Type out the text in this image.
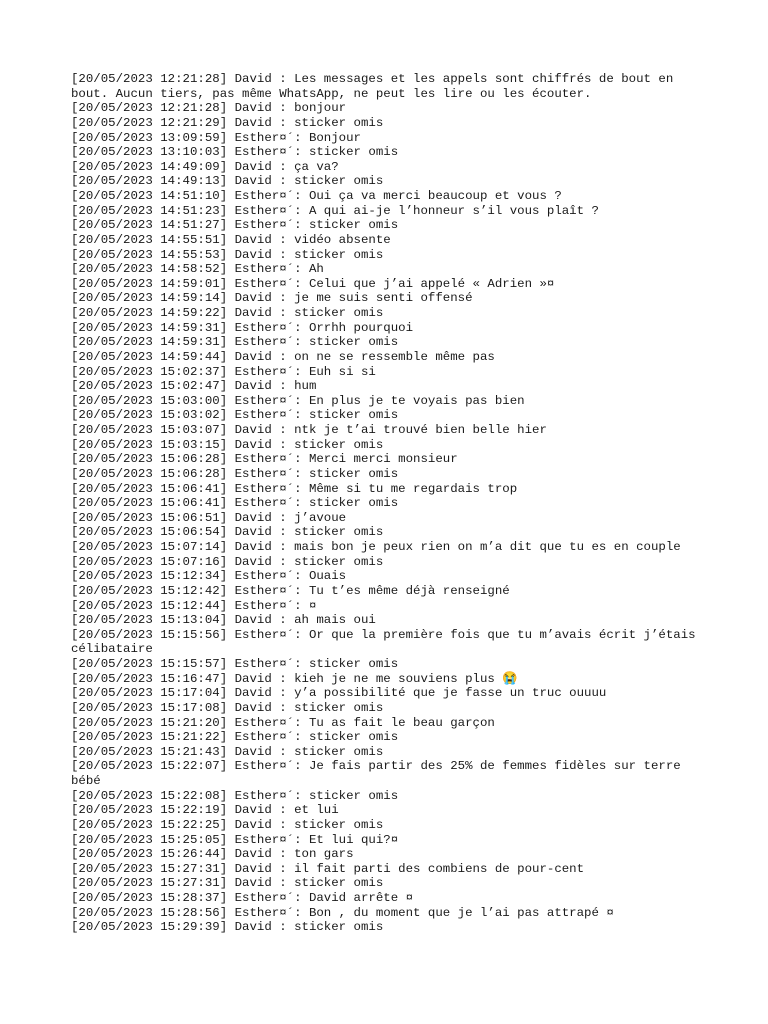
[20/05/2023 12:21:28] David : Les messages et les appels sont chiffrés de bout en bout. Aucun tiers, pas même WhatsApp, ne peut les lire ou les écouter.
[20/05/2023 12:21:28] David : bonjour
[20/05/2023 12:21:29] David : sticker omis
[20/05/2023 13:09:59] Esther¤´: Bonjour
[20/05/2023 13:10:03] Esther¤´: sticker omis
[20/05/2023 14:49:09] David : ça va?
[20/05/2023 14:49:13] David : sticker omis
[20/05/2023 14:51:10] Esther¤´: Oui ça va merci beaucoup et vous ?
[20/05/2023 14:51:23] Esther¤´: A qui ai-je l’honneur s’il vous plaît ?
[20/05/2023 14:51:27] Esther¤´: sticker omis
[20/05/2023 14:55:51] David : vidéo absente
[20/05/2023 14:55:53] David : sticker omis
[20/05/2023 14:58:52] Esther¤´: Ah
[20/05/2023 14:59:01] Esther¤´: Celui que j’ai appelé « Adrien »¤
[20/05/2023 14:59:14] David : je me suis senti offensé
[20/05/2023 14:59:22] David : sticker omis
[20/05/2023 14:59:31] Esther¤´: Orrhh pourquoi
[20/05/2023 14:59:31] Esther¤´: sticker omis
[20/05/2023 14:59:44] David : on ne se ressemble même pas
[20/05/2023 15:02:37] Esther¤´: Euh si si
[20/05/2023 15:02:47] David : hum
[20/05/2023 15:03:00] Esther¤´: En plus je te voyais pas bien
[20/05/2023 15:03:02] Esther¤´: sticker omis
[20/05/2023 15:03:07] David : ntk je t’ai trouvé bien belle hier
[20/05/2023 15:03:15] David : sticker omis
[20/05/2023 15:06:28] Esther¤´: Merci merci monsieur
[20/05/2023 15:06:28] Esther¤´: sticker omis
[20/05/2023 15:06:41] Esther¤´: Même si tu me regardais trop
[20/05/2023 15:06:41] Esther¤´: sticker omis
[20/05/2023 15:06:51] David : j’avoue
[20/05/2023 15:06:54] David : sticker omis
[20/05/2023 15:07:14] David : mais bon je peux rien on m’a dit que tu es en couple
[20/05/2023 15:07:16] David : sticker omis
[20/05/2023 15:12:34] Esther¤´: Ouais
[20/05/2023 15:12:42] Esther¤´: Tu t’es même déjà renseigné
[20/05/2023 15:12:44] Esther¤´: ¤
[20/05/2023 15:13:04] David : ah mais oui
[20/05/2023 15:15:56] Esther¤´: Or que la première fois que tu m’avais écrit j’étais célibataire
[20/05/2023 15:15:57] Esther¤´: sticker omis
[20/05/2023 15:16:47] David : kieh je ne me souviens plus 😭
[20/05/2023 15:17:04] David : y’a possibilité que je fasse un truc ouuuu
[20/05/2023 15:17:08] David : sticker omis
[20/05/2023 15:21:20] Esther¤´: Tu as fait le beau garçon
[20/05/2023 15:21:22] Esther¤´: sticker omis
[20/05/2023 15:21:43] David : sticker omis
[20/05/2023 15:22:07] Esther¤´: Je fais partir des 25% de femmes fidèles sur terre bébé
[20/05/2023 15:22:08] Esther¤´: sticker omis
[20/05/2023 15:22:19] David : et lui
[20/05/2023 15:22:25] David : sticker omis
[20/05/2023 15:25:05] Esther¤´: Et lui qui?¤
[20/05/2023 15:26:44] David : ton gars
[20/05/2023 15:27:31] David : il fait parti des combiens de pour-cent
[20/05/2023 15:27:31] David : sticker omis
[20/05/2023 15:28:37] Esther¤´: David arrête ¤
[20/05/2023 15:28:56] Esther¤´: Bon , du moment que je l’ai pas attrapé ¤
[20/05/2023 15:29:39] David : sticker omis
